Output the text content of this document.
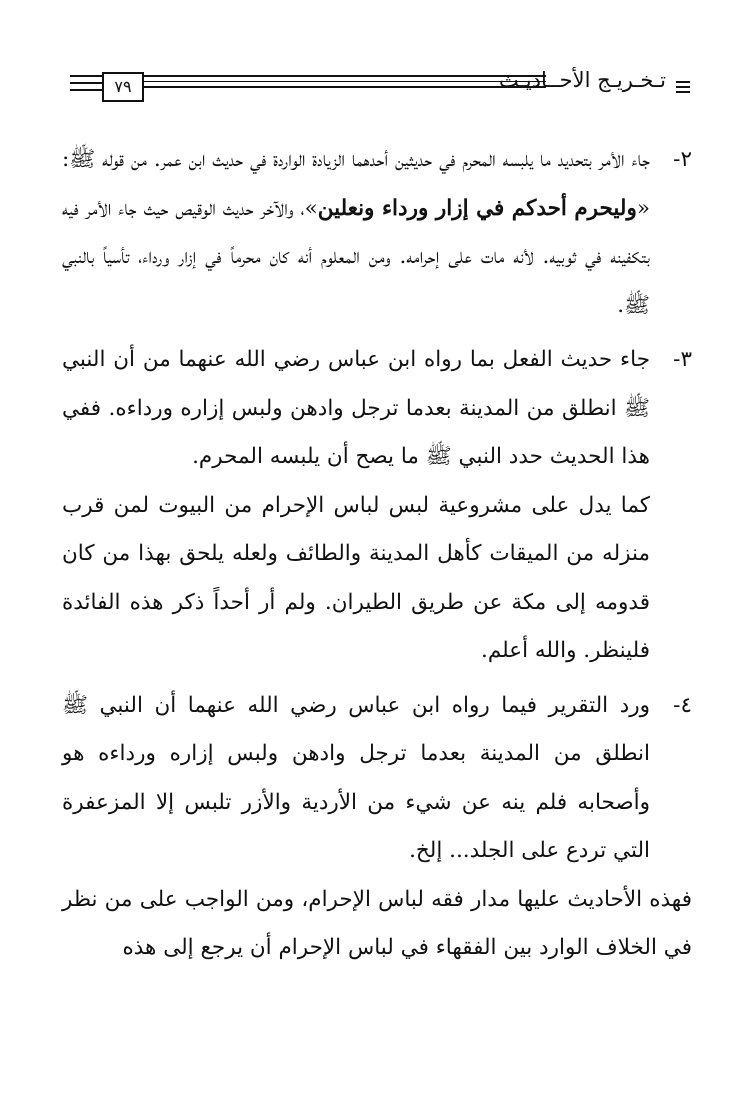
٧٩	تـخـريـج الأحــاديـث

٢-
جاء الأمر بتحديد ما يلبسه المحرم في حديثين أحدهما الزيادة الواردة في حديث ابن عمر. من قوله ﷺ: «وليحرم أحدكم في إزار ورداء ونعلين»، والآخر حديث الوقيص حيث جاء الأمر فيه بتكفينه في ثوبيه. لأنه مات على إحرامه. ومن المعلوم أنه كان محرماً في إزار ورداء، تأسياً بالنبي ﷺ.

٣-
جاء حديث الفعل بما رواه ابن عباس رضي الله عنهما من أن النبي ﷺ انطلق من المدينة بعدما ترجل وادهن ولبس إزاره ورداءه. ففي هذا الحديث حدد النبي ﷺ ما يصح أن يلبسه المحرم.

كما يدل على مشروعية لبس لباس الإحرام من البيوت لمن قرب منزله من الميقات كأهل المدينة والطائف ولعله يلحق بهذا من كان قدومه إلى مكة عن طريق الطيران. ولم أر أحداً ذكر هذه الفائدة فلينظر. والله أعلم.

٤-
ورد التقرير فيما رواه ابن عباس رضي الله عنهما أن النبي ﷺ انطلق من المدينة بعدما ترجل وادهن ولبس إزاره ورداءه هو وأصحابه فلم ينه عن شيء من الأردية والأزر تلبس إلا المزعفرة التي تردع على الجلد... إلخ.

فهذه الأحاديث عليها مدار فقه لباس الإحرام، ومن الواجب على من نظر في الخلاف الوارد بين الفقهاء في لباس الإحرام أن يرجع إلى هذه
